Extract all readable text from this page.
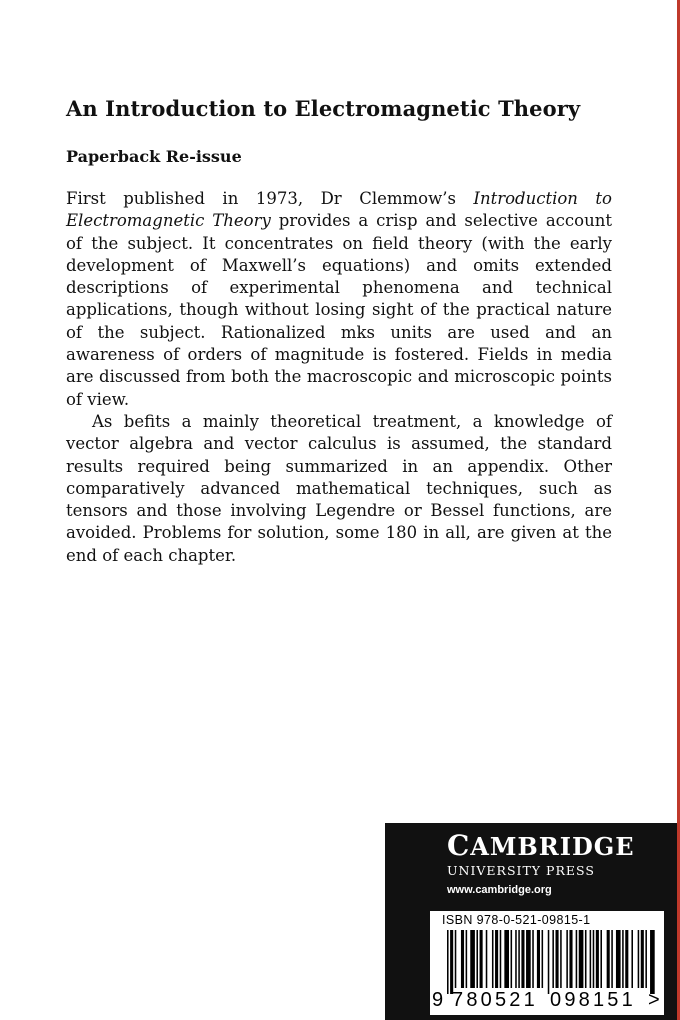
An Introduction to Electromagnetic Theory
Paperback Re-issue

First published in 1973, Dr Clemmow’s Introduction to Electromagnetic Theory provides a crisp and selective account of the subject. It concentrates on field theory (with the early development of Maxwell’s equations) and omits extended descriptions of experimental phenomena and technical applications, though without losing sight of the practical nature of the subject. Rationalized mks units are used and an awareness of orders of magnitude is fostered. Fields in media are discussed from both the macroscopic and microscopic points of view.

As befits a mainly theoretical treatment, a knowledge of vector algebra and vector calculus is assumed, the standard results required being summarized in an appendix. Other comparatively advanced mathematical techniques, such as tensors and those involving Legendre or Bessel functions, are avoided. Problems for solution, some 180 in all, are given at the end of each chapter.

CAMBRIDGE
UNIVERSITY PRESS
www.cambridge.org
ISBN 978-0-521-09815-1
9 780521 098151 >
